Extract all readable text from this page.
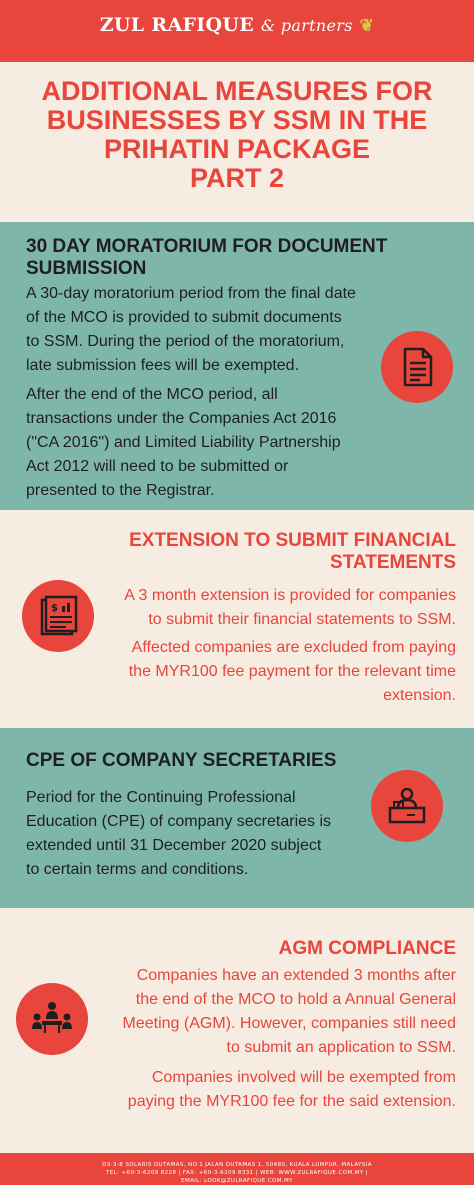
ZUL RAFIQUE & partners ❦
ADDITIONAL MEASURES FOR
BUSINESSES BY SSM IN THE
PRIHATIN PACKAGE
PART 2
30 DAY MORATORIUM FOR DOCUMENT
SUBMISSION
A 30-day moratorium period from the final date
of the MCO is provided to submit documents
to SSM. During the period of the moratorium,
late submission fees will be exempted.
After the end of the MCO period, all
transactions under the Companies Act 2016
("CA 2016") and Limited Liability Partnership
Act 2012 will need to be submitted or
presented to the Registrar.
EXTENSION TO SUBMIT FINANCIAL
STATEMENTS
A 3 month extension is provided for companies
to submit their financial statements to SSM.
Affected companies are excluded from paying
the MYR100 fee payment for the relevant time
extension.
$
CPE OF COMPANY SECRETARIES
Period for the Continuing Professional
Education (CPE) of company secretaries is
extended until 31 December 2020 subject
to certain terms and conditions.
AGM COMPLIANCE
Companies have an extended 3 months after
the end of the MCO to hold a Annual General
Meeting (AGM). However, companies still need
to submit an application to SSM.
Companies involved will be exempted from
paying the MYR100 fee for the said extension.
D3-3-8 SOLARIS DUTAMAS, NO.1 JALAN DUTAMAS 1, 50480, KUALA LUMPUR, MALAYSIA
TEL: +60-3-6209 8228 | FAX: +60-3-6209 8331 | WEB: WWW.ZULRAFIQUE.COM.MY |
EMAIL: LOOK@ZULRAFIQUE.COM.MY
